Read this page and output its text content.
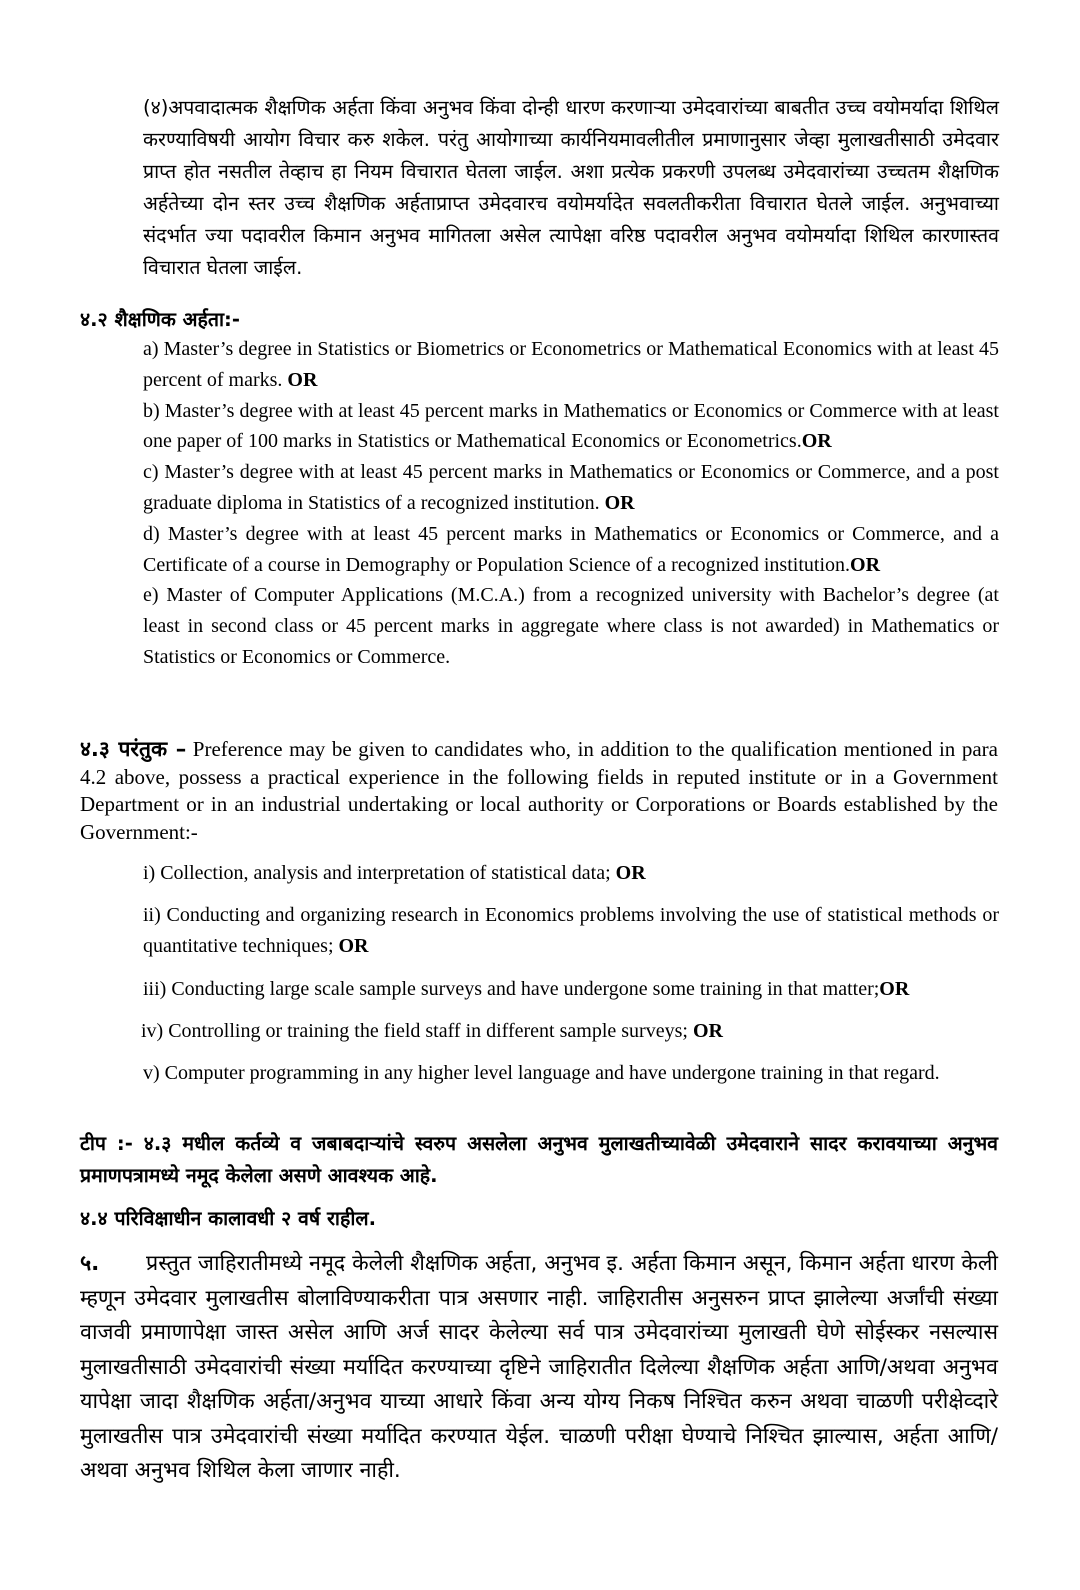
(४)अपवादात्मक शैक्षणिक अर्हता किंवा अनुभव किंवा दोन्ही धारण करणाऱ्या उमेदवारांच्या बाबतीत उच्च वयोमर्यादा शिथिल करण्याविषयी आयोग विचार करु शकेल. परंतु आयोगाच्या कार्यनियमावलीतील प्रमाणानुसार जेव्हा मुलाखतीसाठी उमेदवार प्राप्त होत नसतील तेव्हाच हा नियम विचारात घेतला जाईल. अशा प्रत्येक प्रकरणी उपलब्ध उमेदवारांच्या उच्चतम शैक्षणिक अर्हतेच्या दोन स्तर उच्च शैक्षणिक अर्हताप्राप्त उमेदवारच वयोमर्यादेत सवलतीकरीता विचारात घेतले जाईल. अनुभवाच्या संदर्भात ज्या पदावरील किमान अनुभव मागितला असेल त्यापेक्षा वरिष्ठ पदावरील अनुभव वयोमर्यादा शिथिल कारणास्तव विचारात घेतला जाईल.

४.२ शैक्षणिक अर्हता:-

a) Master’s degree in Statistics or Biometrics or Econometrics or Mathematical Economics with at least 45 percent of marks. OR

b) Master’s degree with at least 45 percent marks in Mathematics or Economics or Commerce with at least one paper of 100 marks in Statistics or Mathematical Economics or Econometrics.OR

c) Master’s degree with at least 45 percent marks in Mathematics or Economics or Commerce, and a post graduate diploma in Statistics of a recognized institution. OR

d) Master’s degree with at least 45 percent marks in Mathematics or Economics or Commerce, and a Certificate of a course in Demography or Population Science of a recognized institution.OR

e) Master of Computer Applications (M.C.A.) from a recognized university with Bachelor’s degree (at least in second class or 45 percent marks in aggregate where class is not awarded) in Mathematics or Statistics or Economics or Commerce.

४.३ परंतुक – Preference may be given to candidates who, in addition to the qualification mentioned in para 4.2 above, possess a practical experience in the following fields in reputed institute or in a Government Department or in an industrial undertaking or local authority or Corporations or Boards established by the Government:-

i) Collection, analysis and interpretation of statistical data; OR

ii) Conducting and organizing research in Economics problems involving the use of statistical methods or quantitative techniques; OR

iii) Conducting large scale sample surveys and have undergone some training in that matter;OR

iv) Controlling or training the field staff in different sample surveys; OR

v) Computer programming in any higher level language and have undergone training in that regard.

टीप :- ४.३ मधील कर्तव्ये व जबाबदाऱ्यांचे स्वरुप असलेला अनुभव मुलाखतीच्यावेळी उमेदवाराने सादर करावयाच्या अनुभव प्रमाणपत्रामध्ये नमूद केलेला असणे आवश्यक आहे.

४.४ परिविक्षाधीन कालावधी २ वर्ष राहील.

५. प्रस्तुत जाहिरातीमध्ये नमूद केलेली शैक्षणिक अर्हता, अनुभव इ. अर्हता किमान असून, किमान अर्हता धारण केली म्हणून उमेदवार मुलाखतीस बोलाविण्याकरीता पात्र असणार नाही. जाहिरातीस अनुसरुन प्राप्त झालेल्या अर्जांची संख्या वाजवी प्रमाणापेक्षा जास्त असेल आणि अर्ज सादर केलेल्या सर्व पात्र उमेदवारांच्या मुलाखती घेणे सोईस्कर नसल्यास मुलाखतीसाठी उमेदवारांची संख्या मर्यादित करण्याच्या दृष्टिने जाहिरातीत दिलेल्या शैक्षणिक अर्हता आणि/अथवा अनुभव यापेक्षा जादा शैक्षणिक अर्हता/अनुभव याच्या आधारे किंवा अन्य योग्य निकष निश्चित करुन अथवा चाळणी परीक्षेव्दारे मुलाखतीस पात्र उमेदवारांची संख्या मर्यादित करण्यात येईल. चाळणी परीक्षा घेण्याचे निश्चित झाल्यास, अर्हता आणि/अथवा अनुभव शिथिल केला जाणार नाही.
